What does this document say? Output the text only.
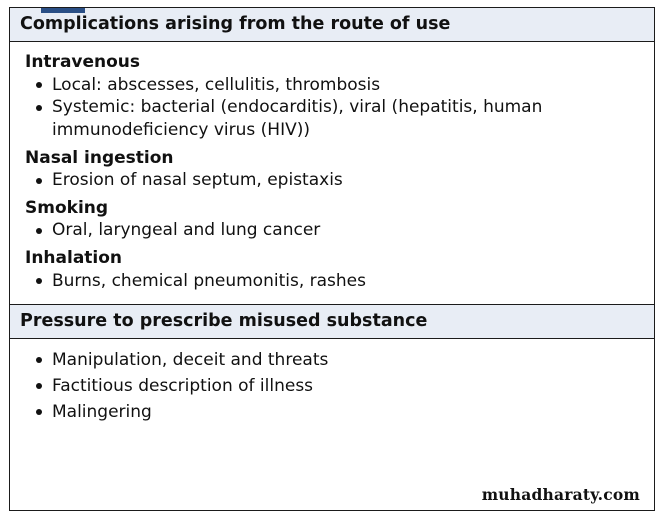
Complications arising from the route of use
Intravenous
Local: abscesses, cellulitis, thrombosis
Systemic: bacterial (endocarditis), viral (hepatitis, human immunodeficiency virus (HIV))
Nasal ingestion
Erosion of nasal septum, epistaxis
Smoking
Oral, laryngeal and lung cancer
Inhalation
Burns, chemical pneumonitis, rashes
Pressure to prescribe misused substance
Manipulation, deceit and threats
Factitious description of illness
Malingering
muhadharaty.com
